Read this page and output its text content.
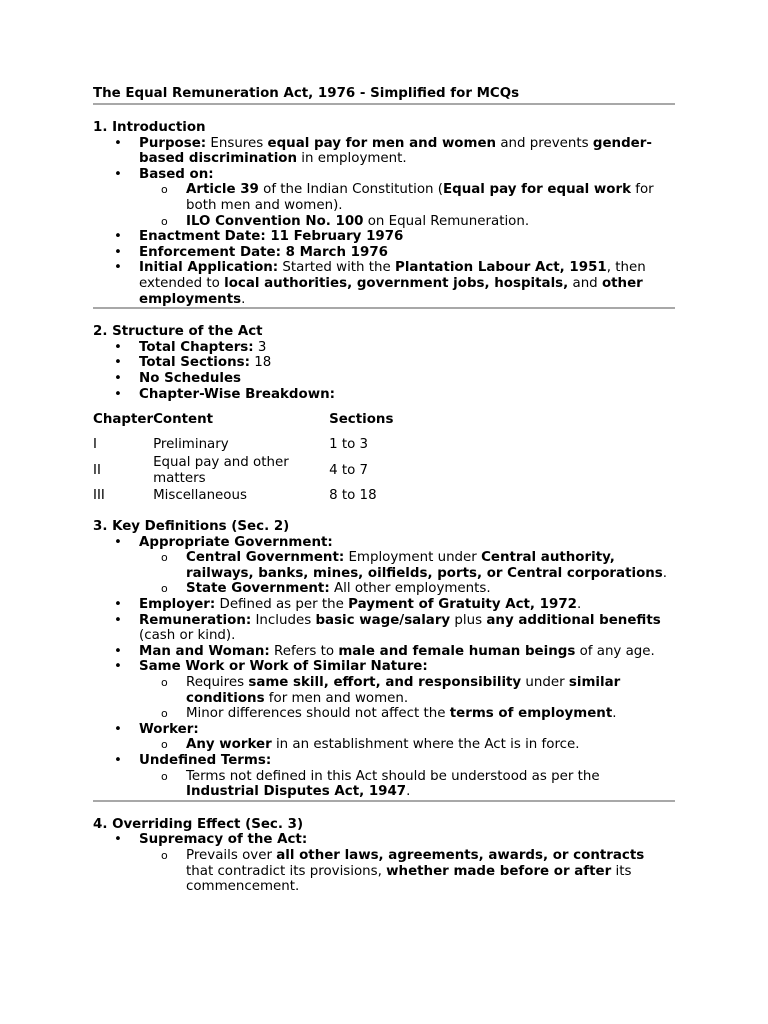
The Equal Remuneration Act, 1976 - Simplified for MCQs
1. Introduction
• Purpose: Ensures equal pay for men and women and prevents gender-based discrimination in employment.
• Based on:
o Article 39 of the Indian Constitution (Equal pay for equal work for both men and women).
o ILO Convention No. 100 on Equal Remuneration.
• Enactment Date: 11 February 1976
• Enforcement Date: 8 March 1976
• Initial Application: Started with the Plantation Labour Act, 1951, then extended to local authorities, government jobs, hospitals, and other employments.
2. Structure of the Act
• Total Chapters: 3
• Total Sections: 18
• No Schedules
• Chapter-Wise Breakdown:
Chapter	Content	Sections
I	Preliminary	1 to 3
II	Equal pay and other matters	4 to 7
III	Miscellaneous	8 to 18
3. Key Definitions (Sec. 2)
• Appropriate Government:
o Central Government: Employment under Central authority, railways, banks, mines, oilfields, ports, or Central corporations.
o State Government: All other employments.
• Employer: Defined as per the Payment of Gratuity Act, 1972.
• Remuneration: Includes basic wage/salary plus any additional benefits (cash or kind).
• Man and Woman: Refers to male and female human beings of any age.
• Same Work or Work of Similar Nature:
o Requires same skill, effort, and responsibility under similar conditions for men and women.
o Minor differences should not affect the terms of employment.
• Worker:
o Any worker in an establishment where the Act is in force.
• Undefined Terms:
o Terms not defined in this Act should be understood as per the Industrial Disputes Act, 1947.
4. Overriding Effect (Sec. 3)
• Supremacy of the Act:
o Prevails over all other laws, agreements, awards, or contracts that contradict its provisions, whether made before or after its commencement.
